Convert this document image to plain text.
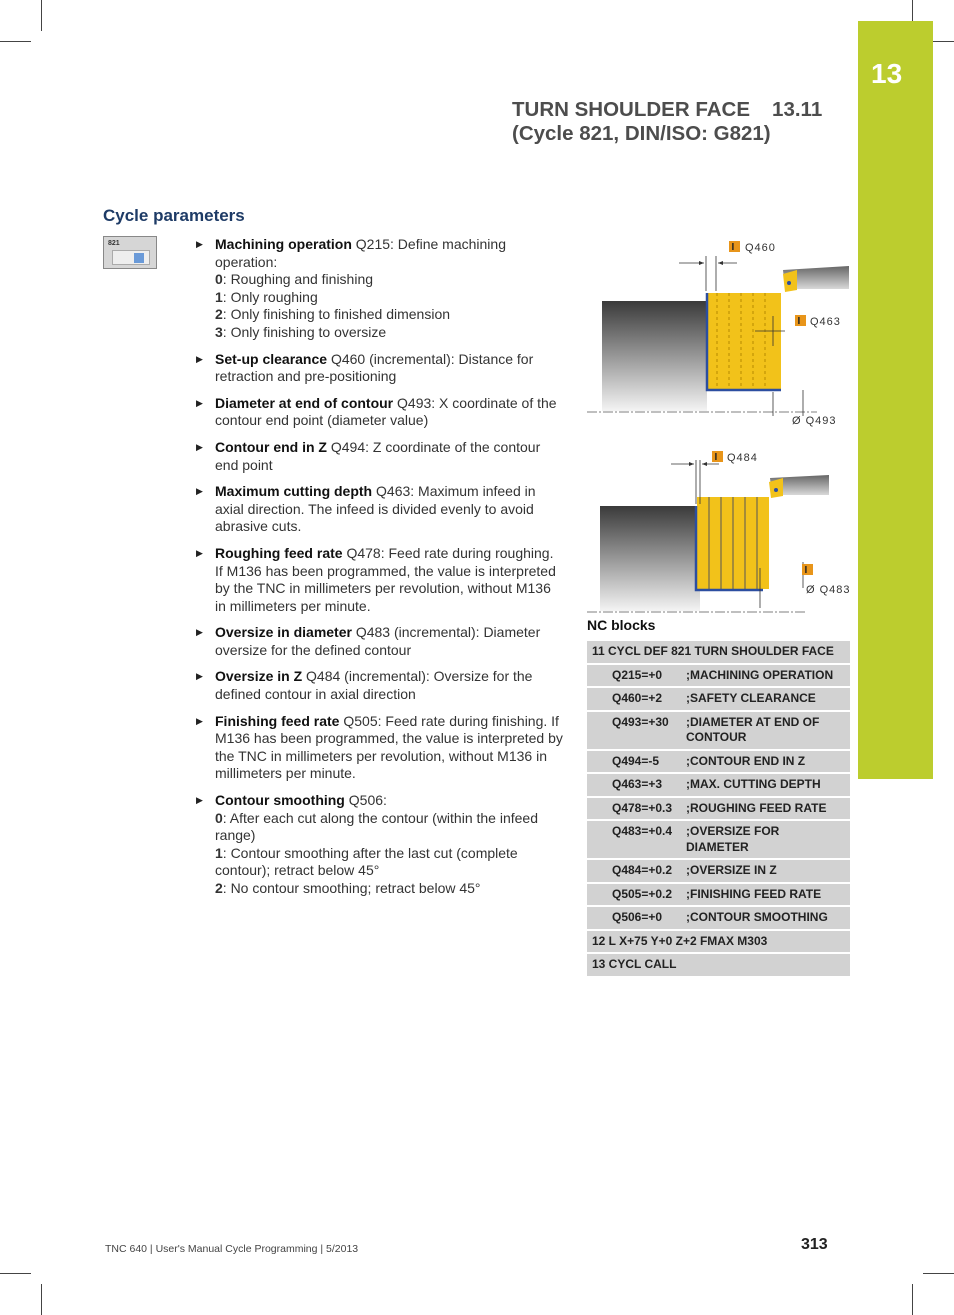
13
TURN SHOULDER FACE 13.11
(Cycle 821, DIN/ISO: G821)
Cycle parameters
821	▶ Machining operation Q215: Define machining operation:
0: Roughing and finishing
1: Only roughing
2: Only finishing to finished dimension
3: Only finishing to oversize
▶ Set-up clearance Q460 (incremental): Distance for retraction and pre-positioning
▶ Diameter at end of contour Q493: X coordinate of the contour end point (diameter value)
▶ Contour end in Z Q494: Z coordinate of the contour end point
▶ Maximum cutting depth Q463: Maximum infeed in axial direction. The infeed is divided evenly to avoid abrasive cuts.
▶ Roughing feed rate Q478: Feed rate during roughing. If M136 has been programmed, the value is interpreted by the TNC in millimeters per revolution, without M136 in millimeters per minute.
▶ Oversize in diameter Q483 (incremental): Diameter oversize for the defined contour
▶ Oversize in Z Q484 (incremental): Oversize for the defined contour in axial direction
▶ Finishing feed rate Q505: Feed rate during finishing. If M136 has been programmed, the value is interpreted by the TNC in millimeters per revolution, without M136 in millimeters per minute.
▶ Contour smoothing Q506:
0: After each cut along the contour (within the infeed range)
1: Contour smoothing after the last cut (complete contour); retract below 45°
2: No contour smoothing; retract below 45°
I Q460
I Q463
Ø Q493
I Q484
I
Ø Q483
NC blocks
11 CYCL DEF 821 TURN SHOULDER FACE
Q215=+0	;MACHINING OPERATION
Q460=+2	;SAFETY CLEARANCE
Q493=+30	;DIAMETER AT END OF CONTOUR
Q494=-5	;CONTOUR END IN Z
Q463=+3	;MAX. CUTTING DEPTH
Q478=+0.3	;ROUGHING FEED RATE
Q483=+0.4	;OVERSIZE FOR DIAMETER
Q484=+0.2	;OVERSIZE IN Z
Q505=+0.2	;FINISHING FEED RATE
Q506=+0	;CONTOUR SMOOTHING
12 L X+75 Y+0 Z+2 FMAX M303
13 CYCL CALL
TNC 640 | User's Manual Cycle Programming | 5/2013	313
